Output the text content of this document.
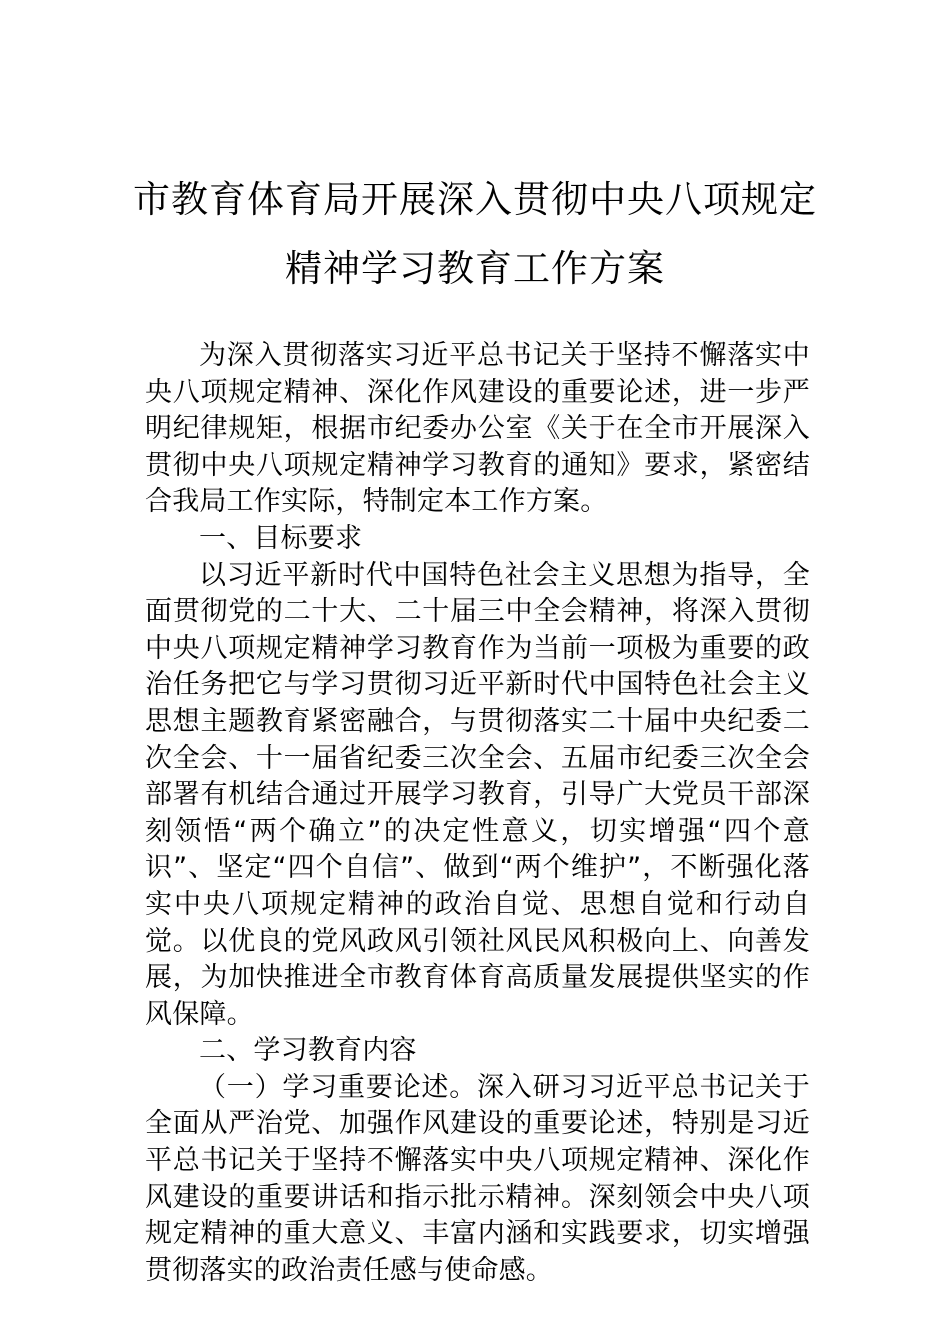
市教育体育局开展深入贯彻中央八项规定
精神学习教育工作方案

为深入贯彻落实习近平总书记关于坚持不懈落实中央八项规定精神、深化作风建设的重要论述，进一步严明纪律规矩，根据市纪委办公室《关于在全市开展深入贯彻中央八项规定精神学习教育的通知》要求，紧密结合我局工作实际，特制定本工作方案。

一、目标要求

以习近平新时代中国特色社会主义思想为指导，全面贯彻党的二十大、二十届三中全会精神，将深入贯彻中央八项规定精神学习教育作为当前一项极为重要的政治任务把它与学习贯彻习近平新时代中国特色社会主义思想主题教育紧密融合，与贯彻落实二十届中央纪委二次全会、十一届省纪委三次全会、五届市纪委三次全会部署有机结合通过开展学习教育，引导广大党员干部深刻领悟“两个确立”的决定性意义，切实增强“四个意识”、坚定“四个自信”、做到“两个维护”，不断强化落实中央八项规定精神的政治自觉、思想自觉和行动自觉。以优良的党风政风引领社风民风积极向上、向善发展，为加快推进全市教育体育高质量发展提供坚实的作风保障。

二、学习教育内容

（一）学习重要论述。深入研习习近平总书记关于全面从严治党、加强作风建设的重要论述，特别是习近平总书记关于坚持不懈落实中央八项规定精神、深化作风建设的重要讲话和指示批示精神。深刻领会中央八项规定精神的重大意义、丰富内涵和实践要求，切实增强贯彻落实的政治责任感与使命感。
